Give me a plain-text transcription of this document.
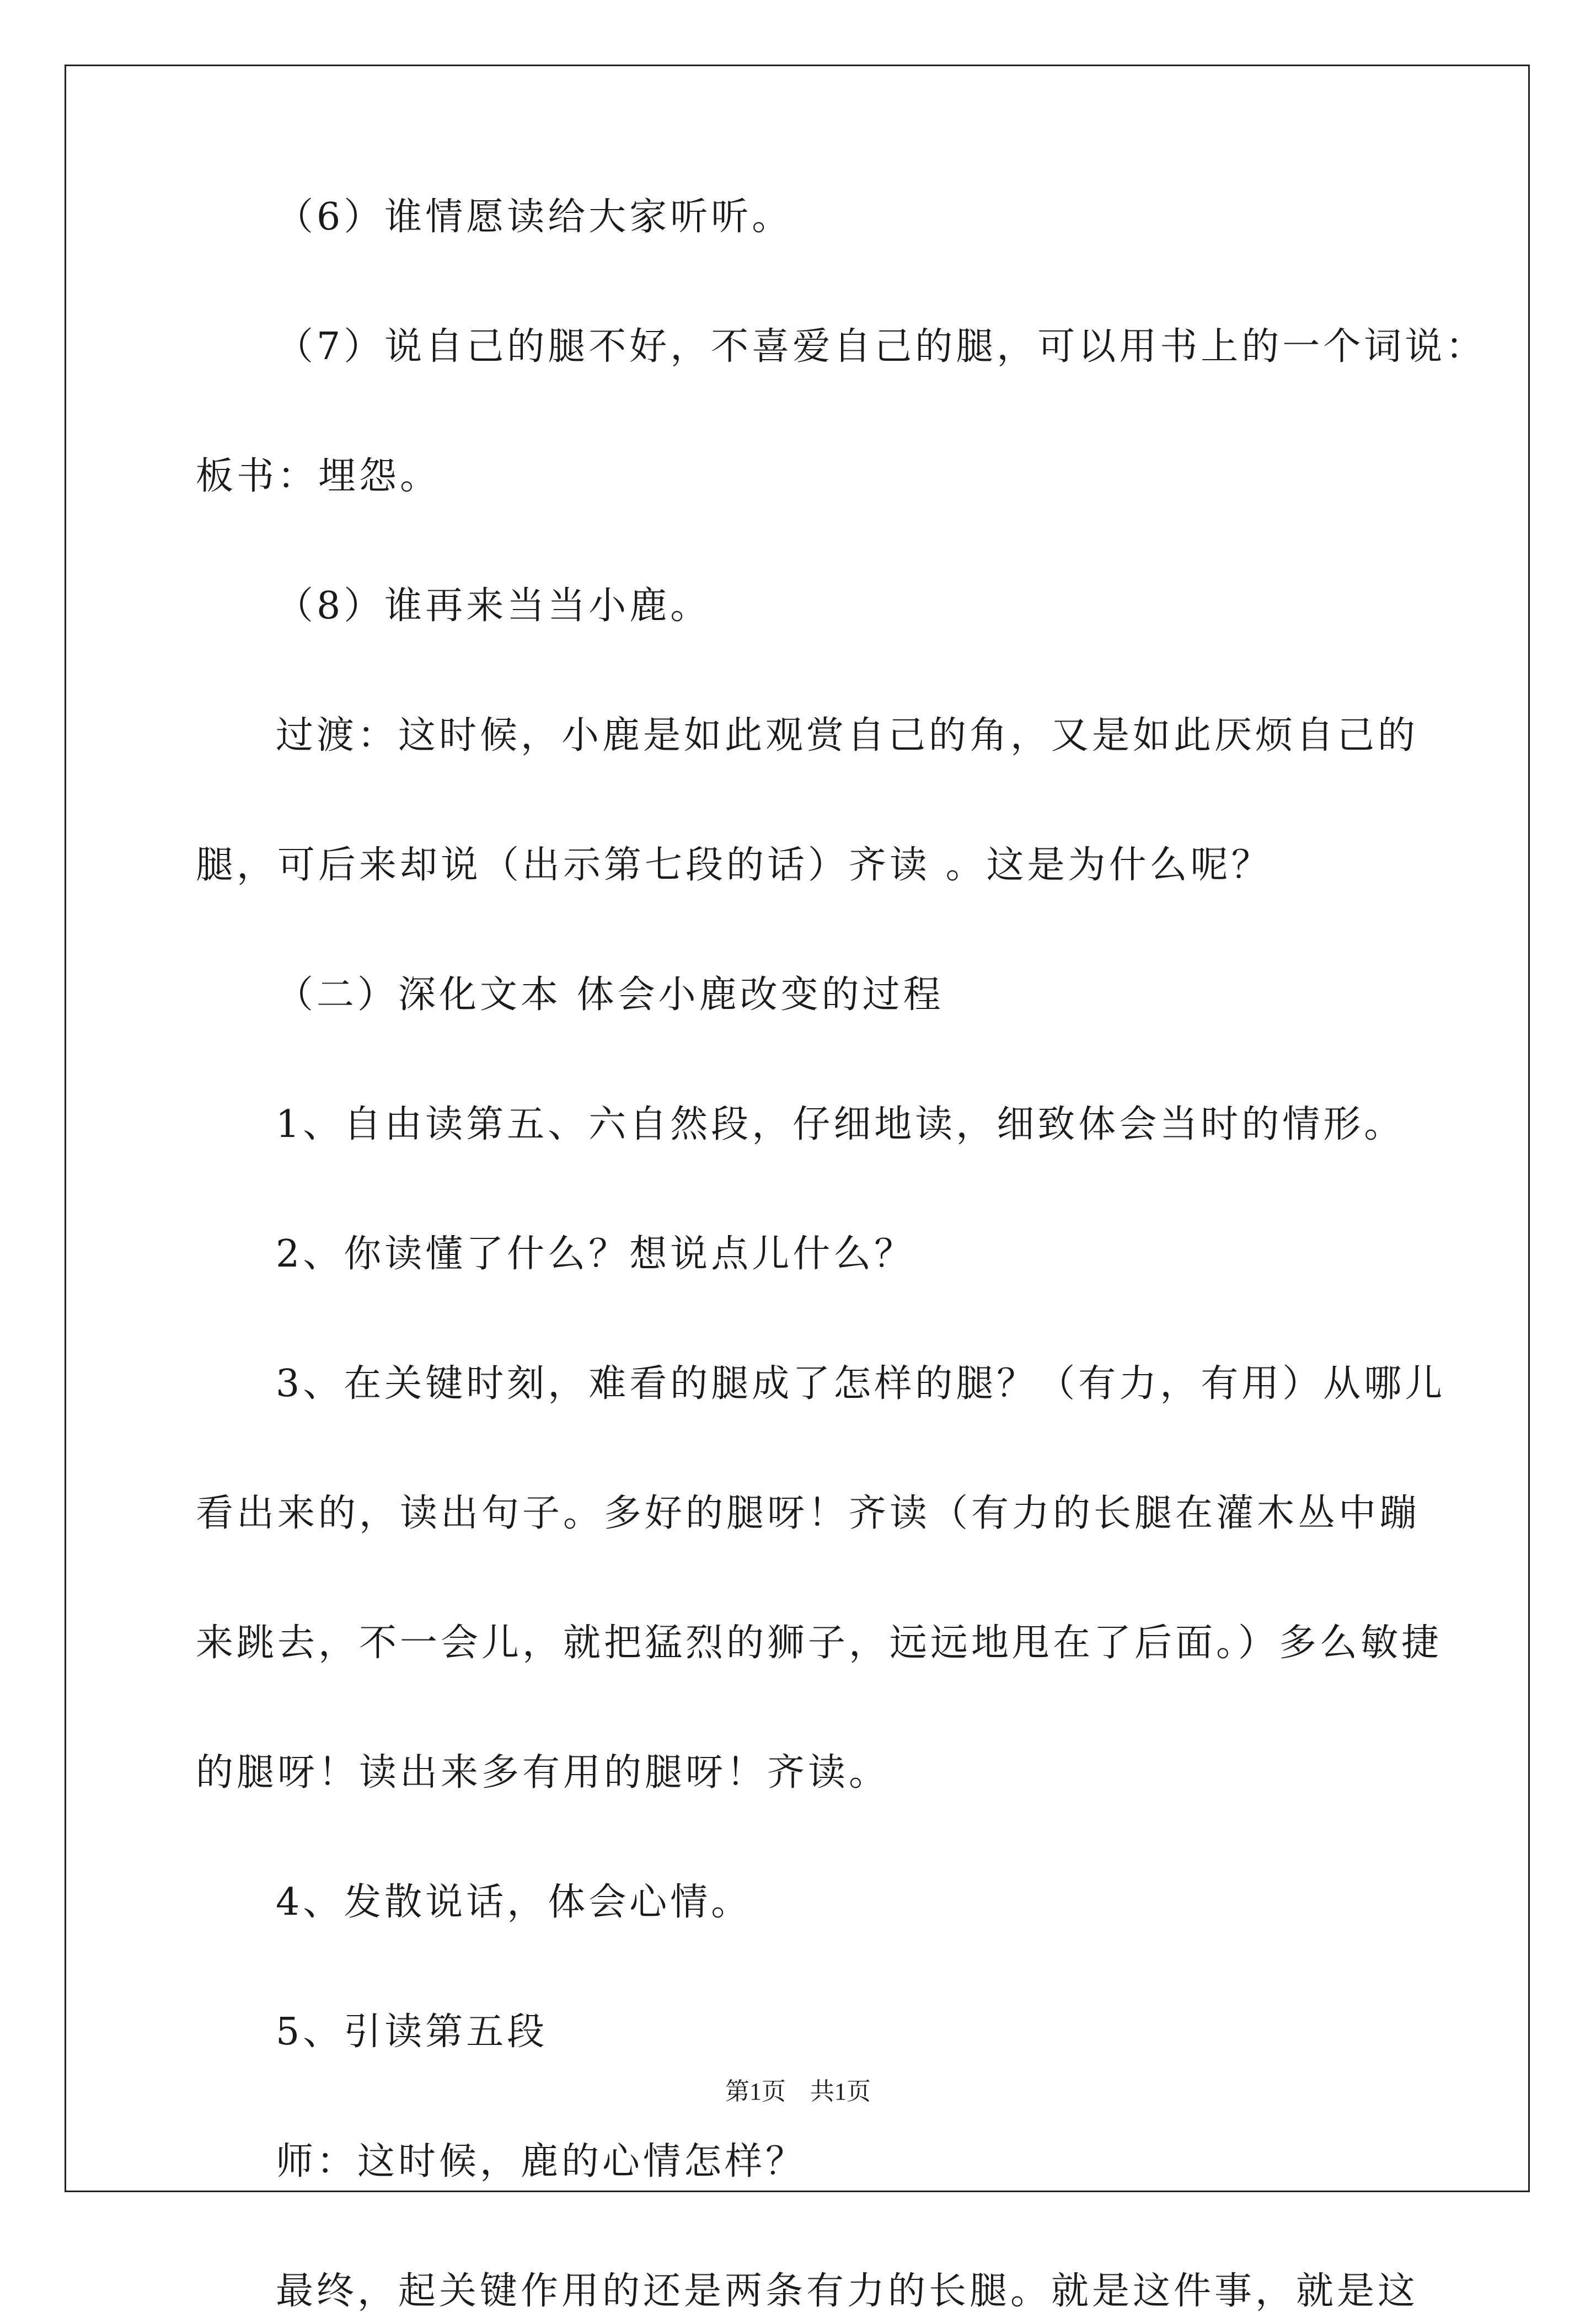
（6）谁情愿读给大家听听。

（7）说自己的腿不好，不喜爱自己的腿，可以用书上的一个词说：

板书：埋怨。

（8）谁再来当当小鹿。

过渡：这时候，小鹿是如此观赏自己的角，又是如此厌烦自己的

腿，可后来却说（出示第七段的话）齐读 。这是为什么呢？

（二）深化文本 体会小鹿改变的过程

1、自由读第五、六自然段，仔细地读，细致体会当时的情形。

2、你读懂了什么？想说点儿什么？

3、在关键时刻，难看的腿成了怎样的腿？（有力，有用）从哪儿

看出来的，读出句子。多好的腿呀！齐读（有力的长腿在灌木丛中蹦

来跳去，不一会儿，就把猛烈的狮子，远远地甩在了后面。）多么敏捷

的腿呀！读出来多有用的腿呀！齐读。

4、发散说话，体会心情。

5、引读第五段

师：这时候，鹿的心情怎样？

最终，起关键作用的还是两条有力的长腿。就是这件事，就是这

第1页　共1页
